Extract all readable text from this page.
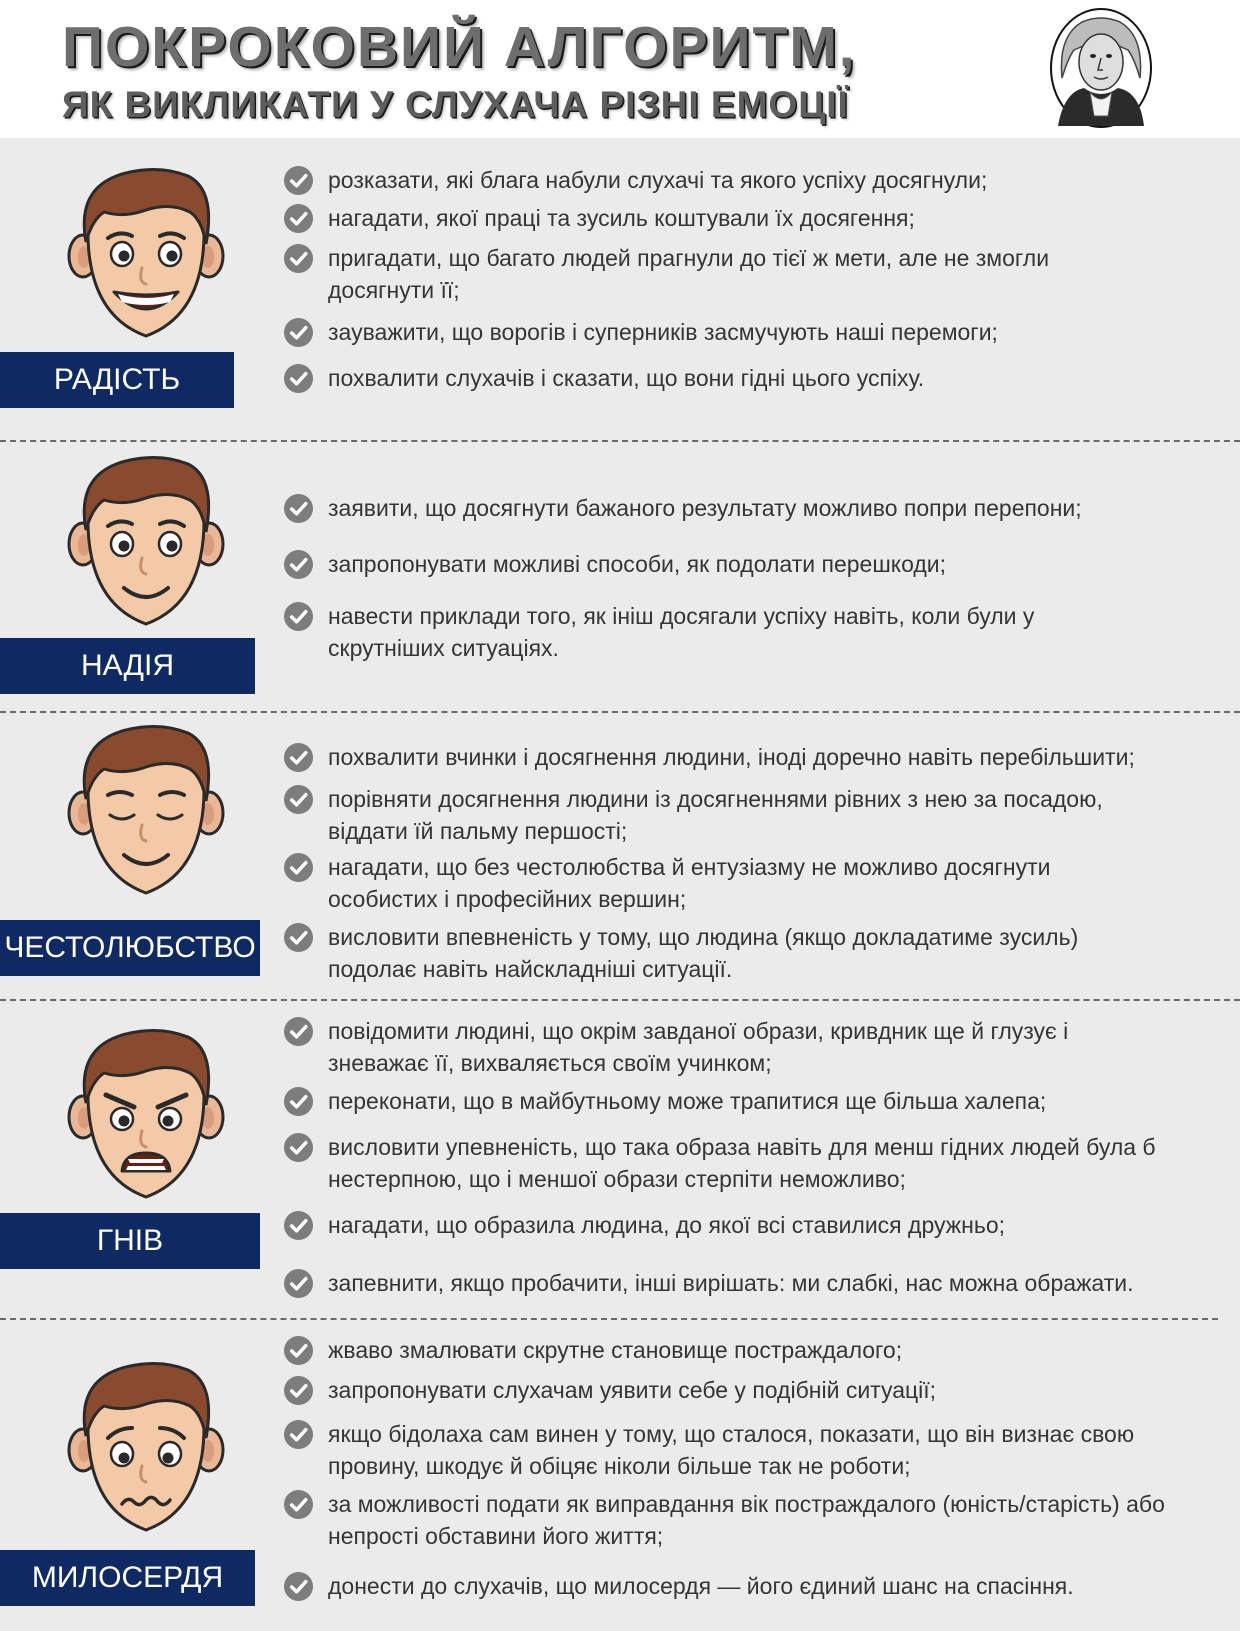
ПОКРОКОВИЙ АЛГОРИТМ,
ЯК ВИКЛИКАТИ У СЛУХАЧА РІЗНІ ЕМОЦІЇ
РАДІСТЬ
розказати, які блага набули слухачі та якого успіху досягнули;
нагадати, якої праці та зусиль коштували їх досягення;
пригадати, що багато людей прагнули до тієї ж мети, але не змогли досягнути її;
зауважити, що ворогів і суперників засмучують наші перемоги;
похвалити слухачів і сказати, що вони гідні цього успіху.
НАДІЯ
заявити, що досягнути бажаного результату можливо попри перепони;
запропонувати можливі способи, як подолати перешкоди;
навести приклади того, як ініш досягали успіху навіть, коли були у скрутніших ситуаціях.
ЧЕСТОЛЮБСТВО
похвалити вчинки і досягнення людини, іноді доречно навіть перебільшити;
порівняти досягнення людини із досягненнями рівних з нею за посадою, віддати їй пальму першості;
нагадати, що без честолюбства й ентузіазму не можливо досягнути особистих і професійних вершин;
висловити впевненість у тому, що людина (якщо докладатиме зусиль) подолає навіть найскладніші ситуації.
ГНІВ
повідомити людині, що окрім завданої образи, кривдник ще й глузує і зневажає її, вихваляється своїм учинком;
переконати, що в майбутньому може трапитися ще більша халепа;
висловити упевненість, що така образа навіть для менш гідних людей була б нестерпною, що і меншої образи стерпіти неможливо;
нагадати, що образила людина, до якої всі ставилися дружньо;
запевнити, якщо пробачити, інші вирішать: ми слабкі, нас можна ображати.
МИЛОСЕРДЯ
жваво змалювати скрутне становище постраждалого;
запропонувати слухачам уявити себе у подібній ситуації;
якщо бідолаха сам винен у тому, що сталося, показати, що він визнає свою провину, шкодує й обіцяє ніколи більше так не роботи;
за можливості подати як виправдання вік постраждалого (юність/старість) або непрості обставини його життя;
донести до слухачів, що милосердя — його єдиний шанс на спасіння.
